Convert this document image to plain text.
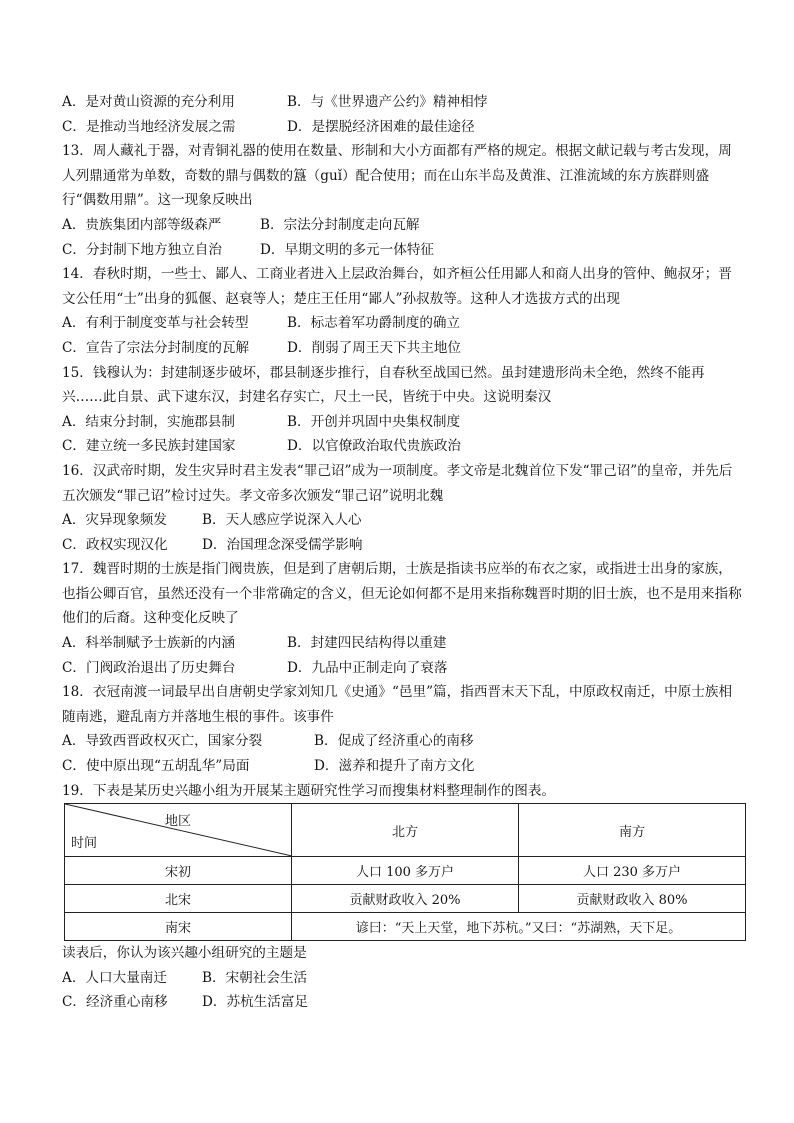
A．是对黄山资源的充分利用	B．与《世界遗产公约》精神相悖
C．是推动当地经济发展之需	D．是摆脱经济困难的最佳途径
13．周人藏礼于器，对青铜礼器的使用在数量、形制和大小方面都有严格的规定。根据文献记载与考古发现，周人列鼎通常为单数，奇数的鼎与偶数的簋（guǐ）配合使用；而在山东半岛及黄淮、江淮流域的东方族群则盛行“偶数用鼎”。这一现象反映出
A．贵族集团内部等级森严	B．宗法分封制度走向瓦解
C．分封制下地方独立自治	D．早期文明的多元一体特征
14．春秋时期，一些士、鄙人、工商业者进入上层政治舞台，如齐桓公任用鄙人和商人出身的管仲、鲍叔牙；晋文公任用“士”出身的狐偃、赵衰等人；楚庄王任用“鄙人”孙叔敖等。这种人才选拔方式的出现
A．有利于制度变革与社会转型	B．标志着军功爵制度的确立
C．宣告了宗法分封制度的瓦解	D．削弱了周王天下共主地位
15．钱穆认为：封建制逐步破坏，郡县制逐步推行，自春秋至战国已然。虽封建遗形尚未全绝，然终不能再兴……此自景、武下逮东汉，封建名存实亡，尺土一民，皆统于中央。这说明秦汉
A．结束分封制，实施郡县制	B．开创并巩固中央集权制度
C．建立统一多民族封建国家	D．以官僚政治取代贵族政治
16．汉武帝时期，发生灾异时君主发表“罪己诏”成为一项制度。孝文帝是北魏首位下发“罪己诏”的皇帝，并先后五次颁发“罪己诏”检讨过失。孝文帝多次颁发“罪己诏”说明北魏
A．灾异现象频发	B．天人感应学说深入人心
C．政权实现汉化	D．治国理念深受儒学影响
17．魏晋时期的士族是指门阀贵族，但是到了唐朝后期，士族是指读书应举的布衣之家，或指进士出身的家族，也指公卿百官，虽然还没有一个非常确定的含义，但无论如何都不是用来指称魏晋时期的旧士族，也不是用来指称他们的后裔。这种变化反映了
A．科举制赋予士族新的内涵	B．封建四民结构得以重建
C．门阀政治退出了历史舞台	D．九品中正制走向了衰落
18．衣冠南渡一词最早出自唐朝史学家刘知几《史通》“邑里”篇，指西晋末天下乱，中原政权南迁，中原士族相随南逃，避乱南方并落地生根的事件。该事件
A．导致西晋政权灭亡，国家分裂	B．促成了经济重心的南移
C．使中原出现“五胡乱华”局面	D．滋养和提升了南方文化
19．下表是某历史兴趣小组为开展某主题研究性学习而搜集材料整理制作的图表。
地区
时间	北方	南方
宋初	人口 100 多万户	人口 230 多万户
北宋	贡献财政收入 20%	贡献财政收入 80%
南宋	谚曰：“天上天堂，地下苏杭。”又曰：“苏湖熟，天下足。	
读表后，你认为该兴趣小组研究的主题是
A．人口大量南迁	B．宋朝社会生活
C．经济重心南移	D．苏杭生活富足
